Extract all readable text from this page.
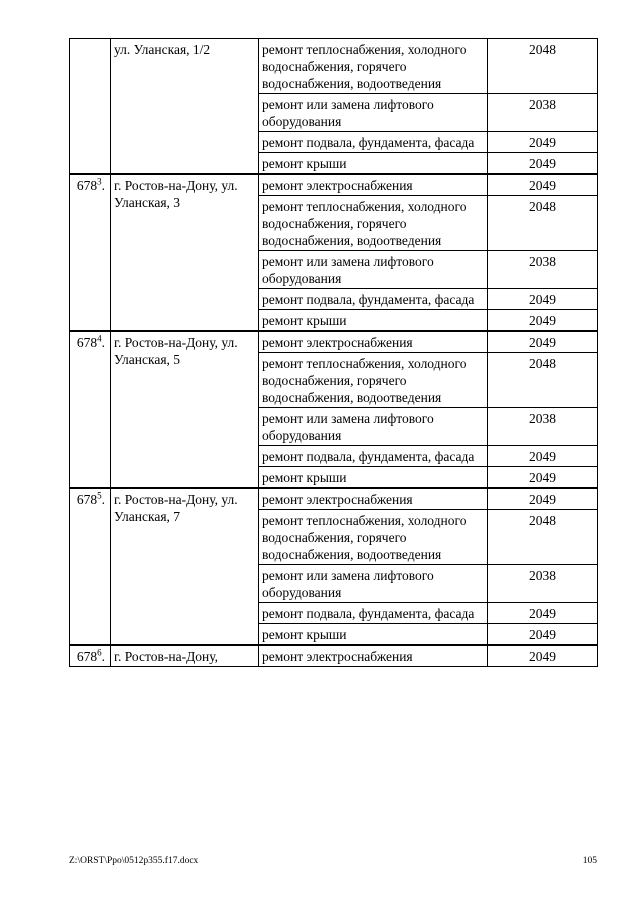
	ул. Уланская, 1/2	ремонт теплоснабжения, холодного водоснабжения, горячего водоснабжения, водоотведения	2048
		ремонт или замена лифтового оборудования	2038
		ремонт подвала, фундамента, фасада	2049
		ремонт крыши	2049
$678^3$.	г. Ростов-на-Дону, ул. Уланская, 3	ремонт электроснабжения	2049
		ремонт теплоснабжения, холодного водоснабжения, горячего водоснабжения, водоотведения	2048
		ремонт или замена лифтового оборудования	2038
		ремонт подвала, фундамента, фасада	2049
		ремонт крыши	2049
$678^4$.	г. Ростов-на-Дону, ул. Уланская, 5	ремонт электроснабжения	2049
		ремонт теплоснабжения, холодного водоснабжения, горячего водоснабжения, водоотведения	2048
		ремонт или замена лифтового оборудования	2038
		ремонт подвала, фундамента, фасада	2049
		ремонт крыши	2049
$678^5$.	г. Ростов-на-Дону, ул. Уланская, 7	ремонт электроснабжения	2049
		ремонт теплоснабжения, холодного водоснабжения, горячего водоснабжения, водоотведения	2048
		ремонт или замена лифтового оборудования	2038
		ремонт подвала, фундамента, фасада	2049
		ремонт крыши	2049
$678^6$.	г. Ростов-на-Дону,	ремонт электроснабжения	2049
Z:\ORST\Ppo\0512p355.f17.docx	105
